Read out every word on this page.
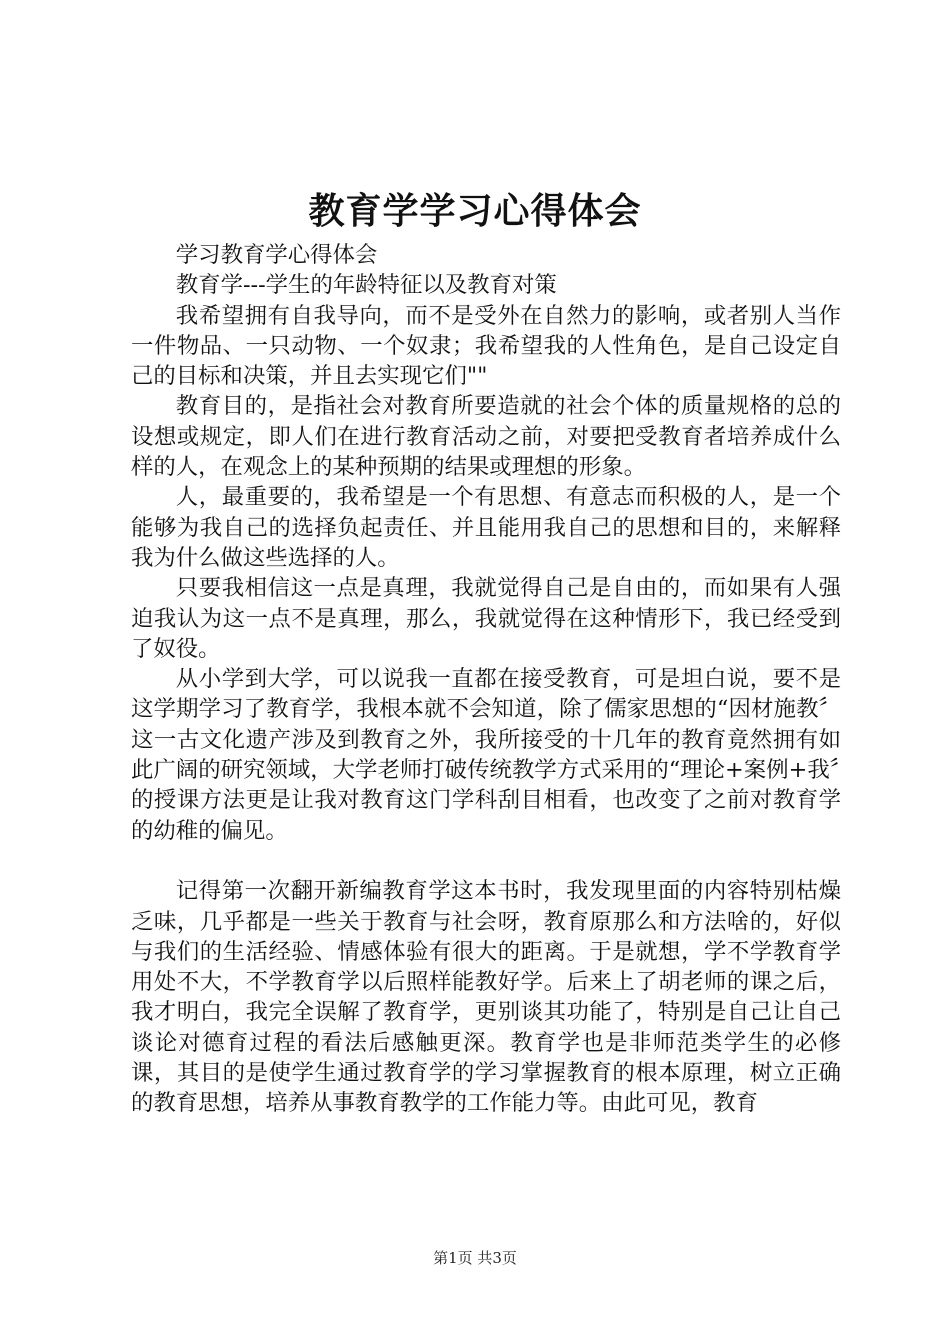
教育学学习心得体会

学习教育学心得体会

教育学---学生的年龄特征以及教育对策

我希望拥有自我导向，而不是受外在自然力的影响，或者别人当作一件物品、一只动物、一个奴隶；我希望我的人性角色，是自己设定自己的目标和决策，并且去实现它们""

教育目的，是指社会对教育所要造就的社会个体的质量规格的总的设想或规定，即人们在进行教育活动之前，对要把受教育者培养成什么样的人，在观念上的某种预期的结果或理想的形象。

人，最重要的，我希望是一个有思想、有意志而积极的人，是一个能够为我自己的选择负起责任、并且能用我自己的思想和目的，来解释我为什么做这些选择的人。

只要我相信这一点是真理，我就觉得自己是自由的，而如果有人强迫我认为这一点不是真理，那么，我就觉得在这种情形下，我已经受到了奴役。

从小学到大学，可以说我一直都在接受教育，可是坦白说，要不是这学期学习了教育学，我根本就不会知道，除了儒家思想的“因材施教〞这一古文化遗产涉及到教育之外，我所接受的十几年的教育竟然拥有如此广阔的研究领域，大学老师打破传统教学方式采用的“理论+案例+我〞的授课方法更是让我对教育这门学科刮目相看，也改变了之前对教育学的幼稚的偏见。

记得第一次翻开新编教育学这本书时，我发现里面的内容特别枯燥乏味，几乎都是一些关于教育与社会呀，教育原那么和方法啥的，好似与我们的生活经验、情感体验有很大的距离。于是就想，学不学教育学用处不大，不学教育学以后照样能教好学。后来上了胡老师的课之后，我才明白，我完全误解了教育学，更别谈其功能了，特别是自己让自己谈论对德育过程的看法后感触更深。教育学也是非师范类学生的必修课，其目的是使学生通过教育学的学习掌握教育的根本原理，树立正确的教育思想，培养从事教育教学的工作能力等。由此可见，教育

第1页 共3页
